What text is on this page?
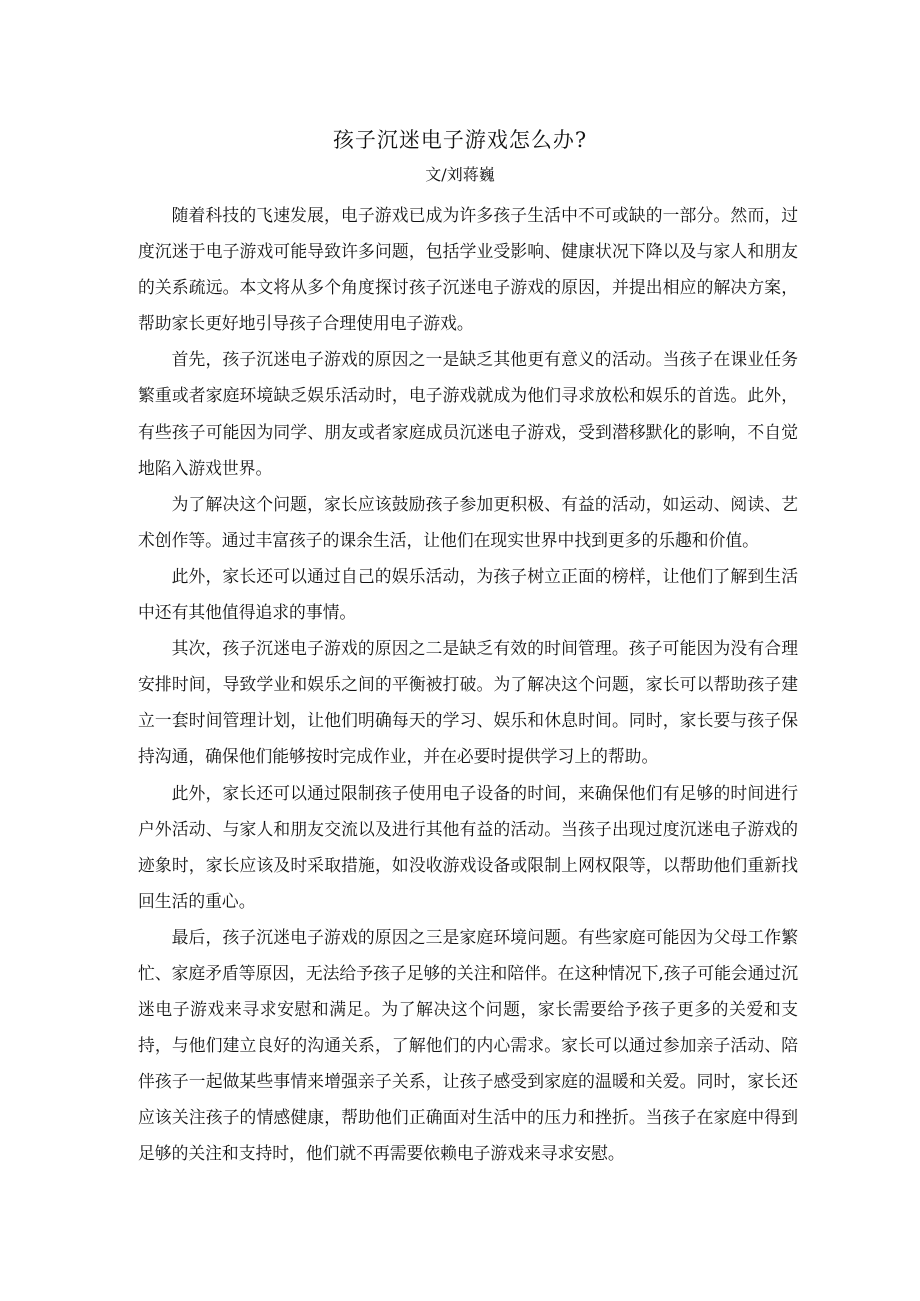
孩子沉迷电子游戏怎么办?
文/刘蒋巍

随着科技的飞速发展，电子游戏已成为许多孩子生活中不可或缺的一部分。然而，过度沉迷于电子游戏可能导致许多问题，包括学业受影响、健康状况下降以及与家人和朋友的关系疏远。本文将从多个角度探讨孩子沉迷电子游戏的原因，并提出相应的解决方案，帮助家长更好地引导孩子合理使用电子游戏。

首先，孩子沉迷电子游戏的原因之一是缺乏其他更有意义的活动。当孩子在课业任务繁重或者家庭环境缺乏娱乐活动时，电子游戏就成为他们寻求放松和娱乐的首选。此外，有些孩子可能因为同学、朋友或者家庭成员沉迷电子游戏，受到潜移默化的影响，不自觉地陷入游戏世界。

为了解决这个问题，家长应该鼓励孩子参加更积极、有益的活动，如运动、阅读、艺术创作等。通过丰富孩子的课余生活，让他们在现实世界中找到更多的乐趣和价值。

此外，家长还可以通过自己的娱乐活动，为孩子树立正面的榜样，让他们了解到生活中还有其他值得追求的事情。

其次，孩子沉迷电子游戏的原因之二是缺乏有效的时间管理。孩子可能因为没有合理安排时间，导致学业和娱乐之间的平衡被打破。为了解决这个问题，家长可以帮助孩子建立一套时间管理计划，让他们明确每天的学习、娱乐和休息时间。同时，家长要与孩子保持沟通，确保他们能够按时完成作业，并在必要时提供学习上的帮助。

此外，家长还可以通过限制孩子使用电子设备的时间，来确保他们有足够的时间进行户外活动、与家人和朋友交流以及进行其他有益的活动。当孩子出现过度沉迷电子游戏的迹象时，家长应该及时采取措施，如没收游戏设备或限制上网权限等，以帮助他们重新找回生活的重心。

最后，孩子沉迷电子游戏的原因之三是家庭环境问题。有些家庭可能因为父母工作繁忙、家庭矛盾等原因，无法给予孩子足够的关注和陪伴。在这种情况下,孩子可能会通过沉迷电子游戏来寻求安慰和满足。为了解决这个问题，家长需要给予孩子更多的关爱和支持，与他们建立良好的沟通关系，了解他们的内心需求。家长可以通过参加亲子活动、陪伴孩子一起做某些事情来增强亲子关系，让孩子感受到家庭的温暖和关爱。同时，家长还应该关注孩子的情感健康，帮助他们正确面对生活中的压力和挫折。当孩子在家庭中得到足够的关注和支持时，他们就不再需要依赖电子游戏来寻求安慰。
